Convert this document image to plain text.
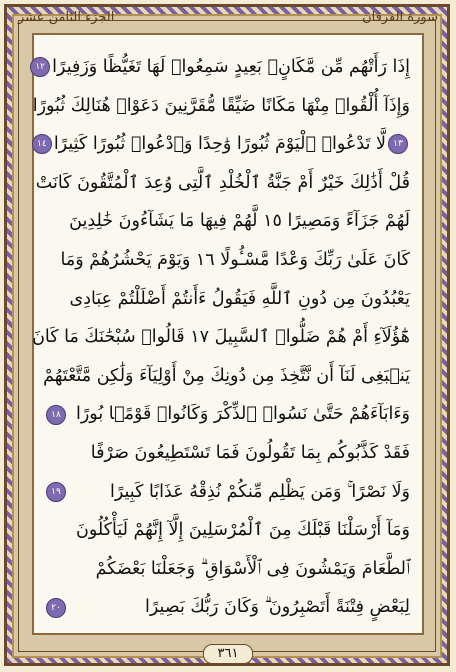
الجزء الثامن عشر	سورة الفرقان
إِذَا رَأَتْهُم مِّن مَّكَانٍۭ بَعِيدٍ سَمِعُوا۟ لَهَا تَغَيُّظًا وَزَفِيرًا
١٢
وَإِذَآ أُلْقُوا۟ مِنْهَا مَكَانًا ضَيِّقًا مُّقَرَّنِينَ دَعَوْا۟ هُنَالِكَ ثُبُورًا
١٣
لَّا تَدْعُوا۟ ٱلْيَوْمَ ثُبُورًا وَٰحِدًا وَٱدْعُوا۟ ثُبُورًا كَثِيرًا
١٤
قُلْ أَذَٰلِكَ خَيْرٌ أَمْ جَنَّةُ ٱلْخُلْدِ ٱلَّتِى وُعِدَ ٱلْمُتَّقُونَ كَانَتْ
لَهُمْ جَزَآءً وَمَصِيرًا ١٥ لَّهُمْ فِيهَا مَا يَشَآءُونَ خَٰلِدِينَ
كَانَ عَلَىٰ رَبِّكَ وَعْدًا مَّسْـُٔولًا ١٦ وَيَوْمَ يَحْشُرُهُمْ وَمَا
يَعْبُدُونَ مِن دُونِ ٱللَّهِ فَيَقُولُ ءَأَنتُمْ أَضْلَلْتُمْ عِبَادِى
هَٰٓؤُلَآءِ أَمْ هُمْ ضَلُّوا۟ ٱلسَّبِيلَ ١٧ قَالُوا۟ سُبْحَٰنَكَ مَا كَانَ
يَنۢبَغِى لَنَآ أَن نَّتَّخِذَ مِن دُونِكَ مِنْ أَوْلِيَآءَ وَلَٰكِن مَّتَّعْتَهُمْ
وَءَابَآءَهُمْ حَتَّىٰ نَسُوا۟ ٱلذِّكْرَ وَكَانُوا۟ قَوْمًۢا بُورًا
١٨
فَقَدْ كَذَّبُوكُم بِمَا تَقُولُونَ فَمَا تَسْتَطِيعُونَ صَرْفًا
وَلَا نَصْرًا ۚ وَمَن يَظْلِم مِّنكُمْ نُذِقْهُ عَذَابًا كَبِيرًا
١٩
وَمَآ أَرْسَلْنَا قَبْلَكَ مِنَ ٱلْمُرْسَلِينَ إِلَّآ إِنَّهُمْ لَيَأْكُلُونَ
ٱلطَّعَامَ وَيَمْشُونَ فِى ٱلْأَسْوَاقِ ۗ وَجَعَلْنَا بَعْضَكُمْ
لِبَعْضٍ فِتْنَةً أَتَصْبِرُونَ ۗ وَكَانَ رَبُّكَ بَصِيرًا
٢٠
٣٦١
